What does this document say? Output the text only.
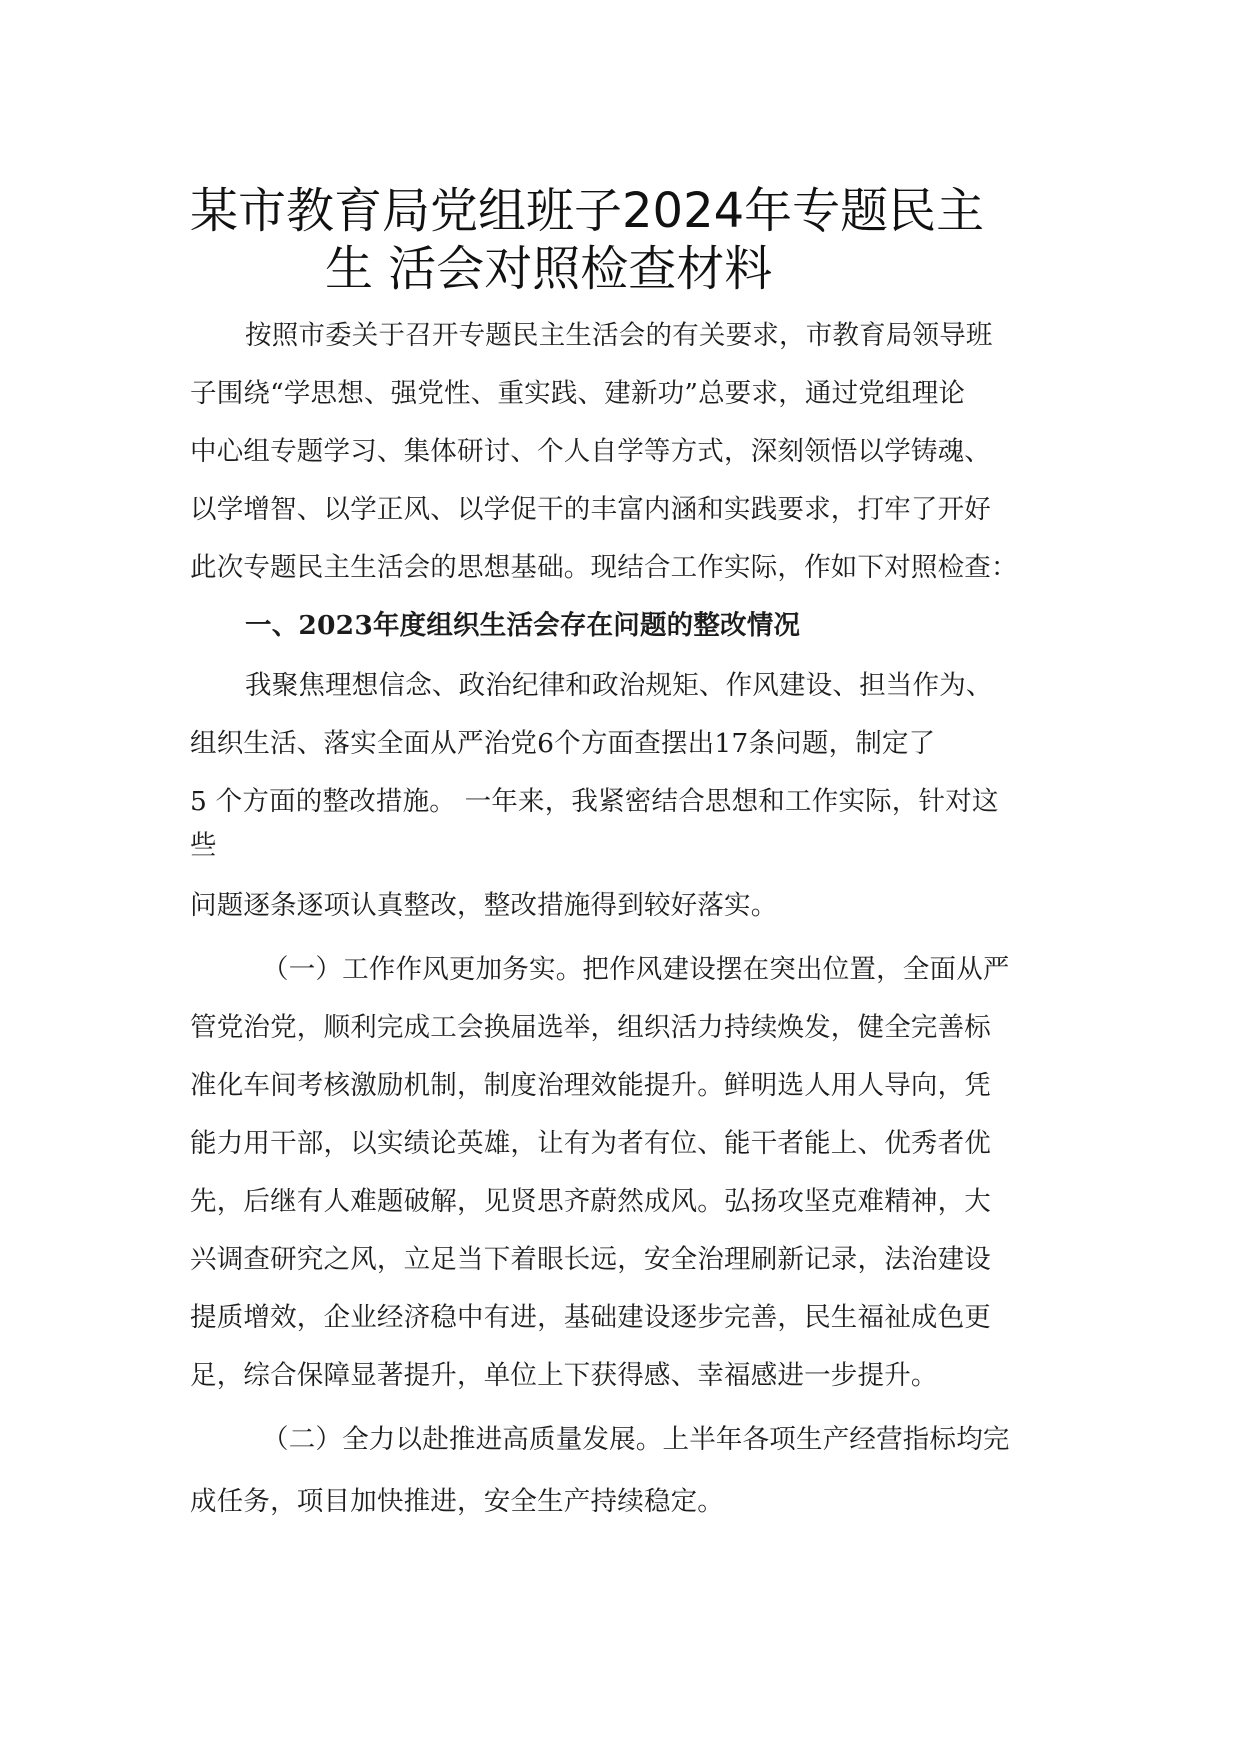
某市教育局党组班子2024年专题民主
生 活会对照检查材料
按照市委关于召开专题民主生活会的有关要求，市教育局领导班
子围绕“学思想、强党性、重实践、建新功”总要求，通过党组理论
中心组专题学习、集体研讨、个人自学等方式，深刻领悟以学铸魂、
以学增智、以学正风、以学促干的丰富内涵和实践要求，打牢了开好
此次专题民主生活会的思想基础。现结合工作实际，作如下对照检查：
一、2023年度组织生活会存在问题的整改情况
我聚焦理想信念、政治纪律和政治规矩、作风建设、担当作为、
组织生活、落实全面从严治党6个方面查摆出17条问题，制定了
5 个方面的整改措施。 一年来，我紧密结合思想和工作实际，针对这
些
问题逐条逐项认真整改，整改措施得到较好落实。
（一）工作作风更加务实。把作风建设摆在突出位置，全面从严
管党治党，顺利完成工会换届选举，组织活力持续焕发，健全完善标
准化车间考核激励机制，制度治理效能提升。鲜明选人用人导向，凭
能力用干部，以实绩论英雄，让有为者有位、能干者能上、优秀者优
先，后继有人难题破解，见贤思齐蔚然成风。弘扬攻坚克难精神，大
兴调查研究之风，立足当下着眼长远，安全治理刷新记录，法治建设
提质增效，企业经济稳中有进，基础建设逐步完善，民生福祉成色更
足，综合保障显著提升，单位上下获得感、幸福感进一步提升。
（二）全力以赴推进高质量发展。上半年各项生产经营指标均完
成任务，项目加快推进，安全生产持续稳定。
